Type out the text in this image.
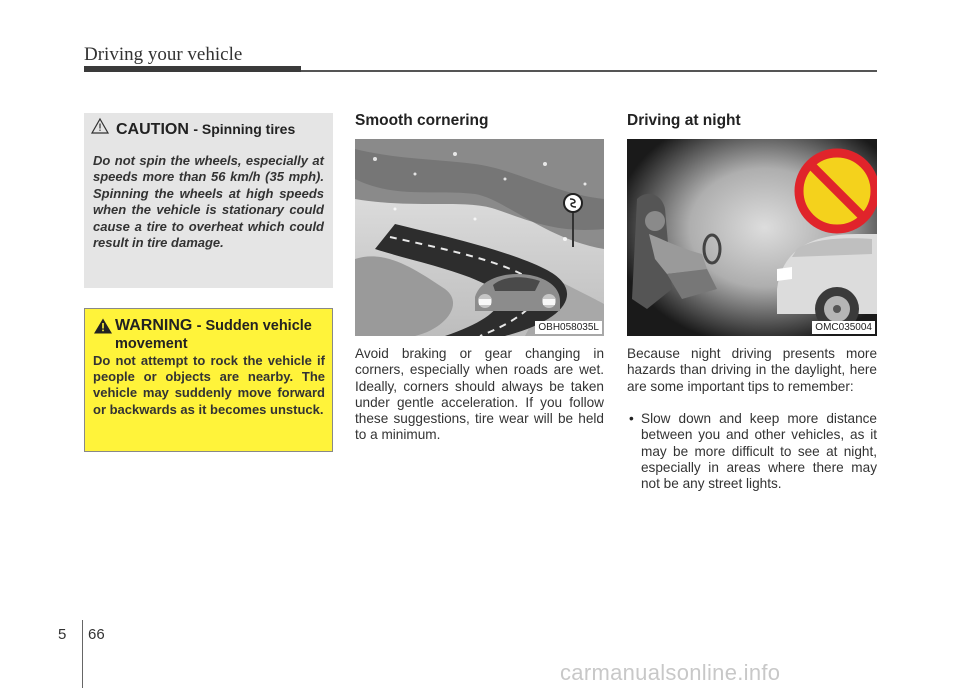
Driving your vehicle
CAUTION - Spinning tires
Do not spin the wheels, especially at speeds more than 56 km/h (35 mph). Spinning the wheels at high speeds when the vehicle is stationary could cause a tire to overheat which could result in tire damage.
WARNING - Sudden vehicle movement
Do not attempt to rock the vehicle if people or objects are nearby. The vehicle may suddenly move forward or backwards as it becomes unstuck.
Smooth cornering
OBH058035L
Avoid braking or gear changing in corners, especially when roads are wet. Ideally, corners should always be taken under gentle acceleration. If you follow these suggestions, tire wear will be held to a minimum.
Driving at night
OMC035004
Because night driving presents more hazards than driving in the daylight, here are some important tips to remember:
• Slow down and keep more distance between you and other vehicles, as it may be more difficult to see at night, especially in areas where there may not be any street lights.
5 66
carmanualsonline.info
